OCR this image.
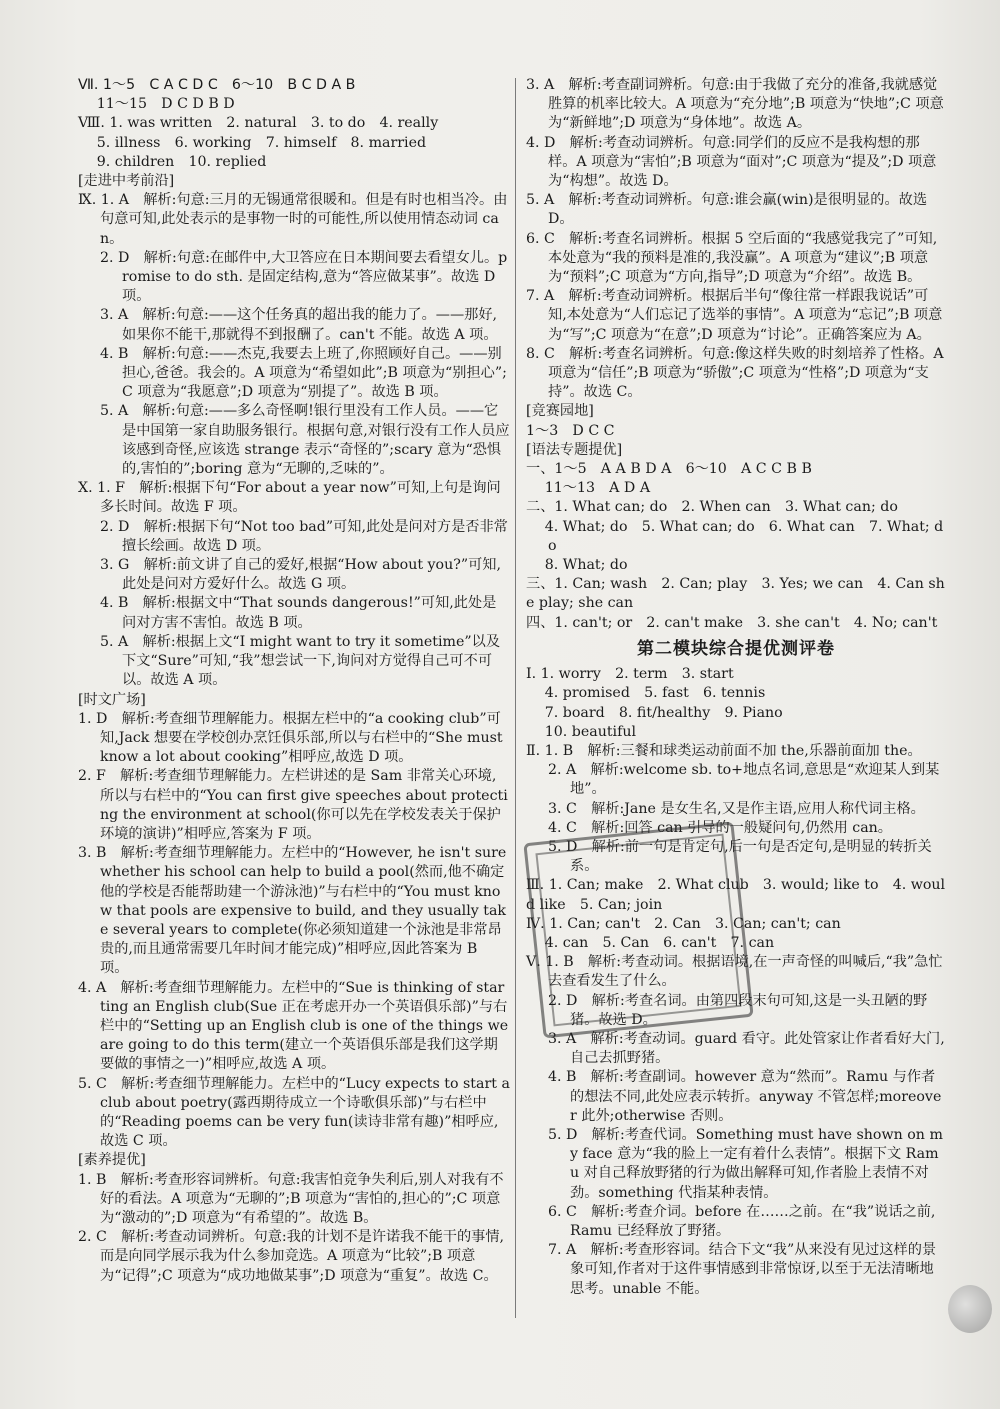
Ⅶ. 1～5　C A C D C　6～10　B C D A B

　 11～15　D C D B D

Ⅷ. 1. was written　2. natural　3. to do　4. really

　 5. illness　6. working　7. himself　8. married

　 9. children　10. replied

[走进中考前沿]

Ⅸ. 1. A　解析:句意:三月的无锡通常很暖和。但是有时也相当冷。由句意可知,此处表示的是事物一时的可能性,所以使用情态动词 can。

2. D　解析:句意:在邮件中,大卫答应在日本期间要去看望女儿。promise to do sth. 是固定结构,意为“答应做某事”。故选 D 项。

3. A　解析:句意:——这个任务真的超出我的能力了。——那好,如果你不能干,那就得不到报酬了。can't 不能。故选 A 项。

4. B　解析:句意:——杰克,我要去上班了,你照顾好自己。——别担心,爸爸。我会的。A 项意为“希望如此”;B 项意为“别担心”;C 项意为“我愿意”;D 项意为“别提了”。故选 B 项。

5. A　解析:句意:——多么奇怪啊!银行里没有工作人员。——它是中国第一家自助服务银行。根据句意,对银行没有工作人员应该感到奇怪,应该选 strange 表示“奇怪的”;scary 意为“恐惧的,害怕的”;boring 意为“无聊的,乏味的”。

Ⅹ. 1. F　解析:根据下句“For about a year now”可知,上句是询问多长时间。故选 F 项。

2. D　解析:根据下句“Not too bad”可知,此处是问对方是否非常擅长绘画。故选 D 项。

3. G　解析:前文讲了自己的爱好,根据“How about you?”可知,此处是问对方爱好什么。故选 G 项。

4. B　解析:根据文中“That sounds dangerous!”可知,此处是问对方害不害怕。故选 B 项。

5. A　解析:根据上文“I might want to try it sometime”以及下文“Sure”可知,“我”想尝试一下,询问对方觉得自己可不可以。故选 A 项。

[时文广场]

1. D　解析:考查细节理解能力。根据左栏中的“a cooking club”可知,Jack 想要在学校创办烹饪俱乐部,所以与右栏中的“She must know a lot about cooking”相呼应,故选 D 项。

2. F　解析:考查细节理解能力。左栏讲述的是 Sam 非常关心环境,所以与右栏中的“You can first give speeches about protecting the environment at school(你可以先在学校发表关于保护环境的演讲)”相呼应,答案为 F 项。

3. B　解析:考查细节理解能力。左栏中的“However, he isn't sure whether his school can help to build a pool(然而,他不确定他的学校是否能帮助建一个游泳池)”与右栏中的“You must know that pools are expensive to build, and they usually take several years to complete(你必须知道建一个泳池是非常昂贵的,而且通常需要几年时间才能完成)”相呼应,因此答案为 B 项。

4. A　解析:考查细节理解能力。左栏中的“Sue is thinking of starting an English club(Sue 正在考虑开办一个英语俱乐部)”与右栏中的“Setting up an English club is one of the things we are going to do this term(建立一个英语俱乐部是我们这学期要做的事情之一)”相呼应,故选 A 项。

5. C　解析:考查细节理解能力。左栏中的“Lucy expects to start a club about poetry(露西期待成立一个诗歌俱乐部)”与右栏中的“Reading poems can be very fun(读诗非常有趣)”相呼应,故选 C 项。

[素养提优]

1. B　解析:考查形容词辨析。句意:我害怕竞争失利后,别人对我有不好的看法。A 项意为“无聊的”;B 项意为“害怕的,担心的”;C 项意为“激动的”;D 项意为“有希望的”。故选 B。

2. C　解析:考查动词辨析。句意:我的计划不是许诺我不能干的事情,而是向同学展示我为什么参加竞选。A 项意为“比较”;B 项意为“记得”;C 项意为“成功地做某事”;D 项意为“重复”。故选 C。

3. A　解析:考查副词辨析。句意:由于我做了充分的准备,我就感觉胜算的机率比较大。A 项意为“充分地”;B 项意为“快地”;C 项意为“新鲜地”;D 项意为“身体地”。故选 A。

4. D　解析:考查动词辨析。句意:同学们的反应不是我构想的那样。A 项意为“害怕”;B 项意为“面对”;C 项意为“提及”;D 项意为“构想”。故选 D。

5. A　解析:考查动词辨析。句意:谁会赢(win)是很明显的。故选 D。

6. C　解析:考查名词辨析。根据 5 空后面的“我感觉我完了”可知,本处意为“我的预料是准的,我没赢”。A 项意为“建议”;B 项意为“预料”;C 项意为“方向,指导”;D 项意为“介绍”。故选 B。

7. A　解析:考查动词辨析。根据后半句“像往常一样跟我说话”可知,本处意为“人们忘记了选举的事情”。A 项意为“忘记”;B 项意为“写”;C 项意为“在意”;D 项意为“讨论”。正确答案应为 A。

8. C　解析:考查名词辨析。句意:像这样失败的时刻培养了性格。A 项意为“信任”;B 项意为“骄傲”;C 项意为“性格”;D 项意为“支持”。故选 C。

[竞赛园地]

1～3　D C C

[语法专题提优]

一、1～5　A A B D A　6～10　A C C B B

　 11～13　A D A

二、1. What can; do　2. When can　3. What can; do

　 4. What; do　5. What can; do　6. What can　7. What; do

　 8. What; do

三、1. Can; wash　2. Can; play　3. Yes; we can　4. Can she play; she can

四、1. can't; or　2. can't make　3. she can't　4. No; can't

第二模块综合提优测评卷

Ⅰ. 1. worry　2. term　3. start

　 4. promised　5. fast　6. tennis

　 7. board　8. fit/healthy　9. Piano

　 10. beautiful

Ⅱ. 1. B　解析:三餐和球类运动前面不加 the,乐器前面加 the。

2. A　解析:welcome sb. to+地点名词,意思是“欢迎某人到某地”。

3. C　解析:Jane 是女生名,又是作主语,应用人称代词主格。

4. C　解析:回答 can 引导的一般疑问句,仍然用 can。

5. D　解析:前一句是肯定句,后一句是否定句,是明显的转折关系。

Ⅲ. 1. Can; make　2. What club　3. would; like to　4. would like　5. Can; join

Ⅳ. 1. Can; can't　2. Can　3. Can; can't; can

　 4. can　5. Can　6. can't　7. can

Ⅴ. 1. B　解析:考查动词。根据语境,在一声奇怪的叫喊后,“我”急忙去查看发生了什么。

2. D　解析:考查名词。由第四段末句可知,这是一头丑陋的野猪。故选 D。

3. A　解析:考查动词。guard 看守。此处管家让作者看好大门,自己去抓野猪。

4. B　解析:考查副词。however 意为“然而”。Ramu 与作者的想法不同,此处应表示转折。anyway 不管怎样;moreover 此外;otherwise 否则。

5. D　解析:考查代词。Something must have shown on my face 意为“我的脸上一定有着什么表情”。根据下文 Ramu 对自己释放野猪的行为做出解释可知,作者脸上表情不对劲。something 代指某种表情。

6. C　解析:考查介词。before 在……之前。在“我”说话之前,Ramu 已经释放了野猪。

7. A　解析:考查形容词。结合下文“我”从来没有见过这样的景象可知,作者对于这件事情感到非常惊讶,以至于无法清晰地思考。unable 不能。
